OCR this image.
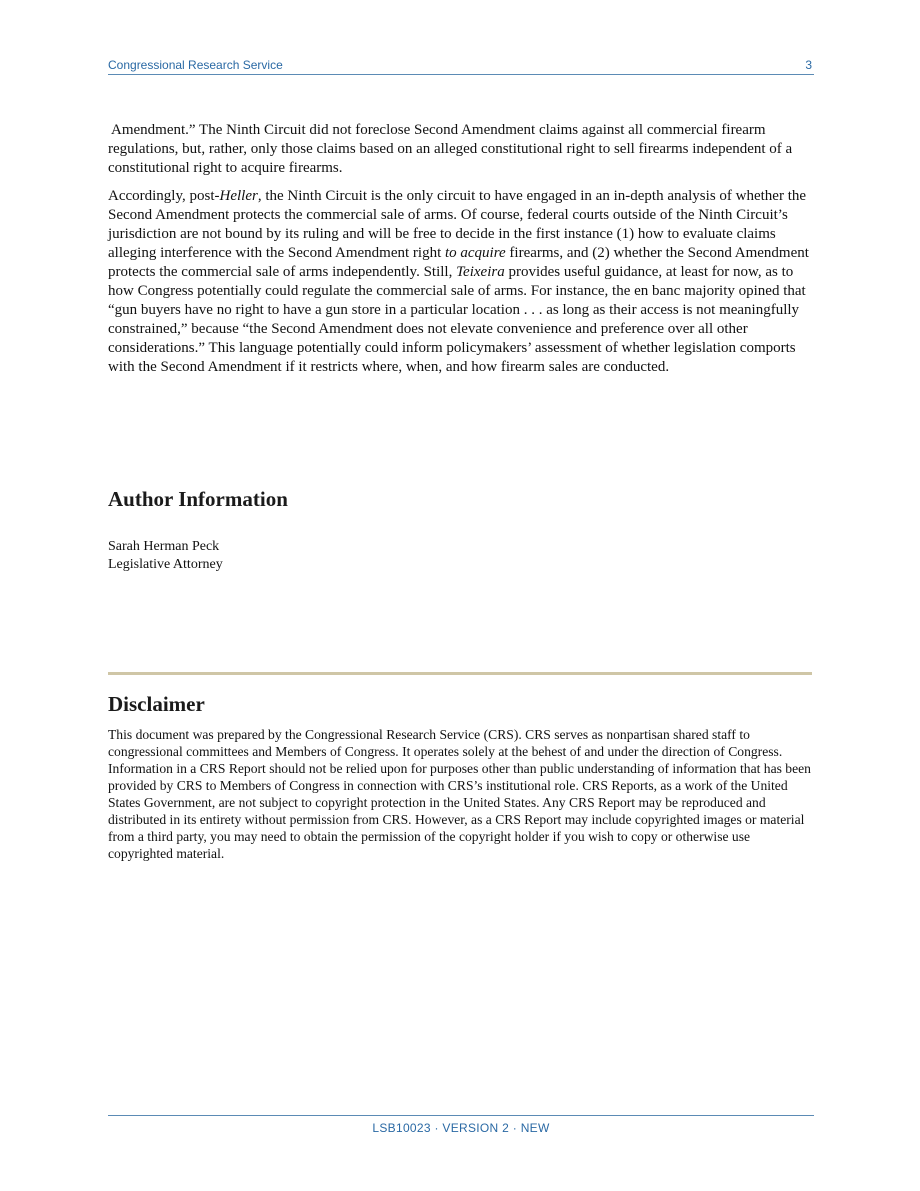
Congressional Research Service	3

Amendment.” The Ninth Circuit did not foreclose Second Amendment claims against all commercial firearm regulations, but, rather, only those claims based on an alleged constitutional right to sell firearms independent of a constitutional right to acquire firearms.

Accordingly, post-Heller, the Ninth Circuit is the only circuit to have engaged in an in-depth analysis of whether the Second Amendment protects the commercial sale of arms. Of course, federal courts outside of the Ninth Circuit’s jurisdiction are not bound by its ruling and will be free to decide in the first instance (1) how to evaluate claims alleging interference with the Second Amendment right to acquire firearms, and (2) whether the Second Amendment protects the commercial sale of arms independently. Still, Teixeira provides useful guidance, at least for now, as to how Congress potentially could regulate the commercial sale of arms. For instance, the en banc majority opined that “gun buyers have no right to have a gun store in a particular location . . . as long as their access is not meaningfully constrained,” because “the Second Amendment does not elevate convenience and preference over all other considerations.” This language potentially could inform policymakers’ assessment of whether legislation comports with the Second Amendment if it restricts where, when, and how firearm sales are conducted.

Author Information
Sarah Herman Peck
Legislative Attorney
Disclaimer
This document was prepared by the Congressional Research Service (CRS). CRS serves as nonpartisan shared staff to congressional committees and Members of Congress. It operates solely at the behest of and under the direction of Congress. Information in a CRS Report should not be relied upon for purposes other than public understanding of information that has been provided by CRS to Members of Congress in connection with CRS’s institutional role. CRS Reports, as a work of the United States Government, are not subject to copyright protection in the United States. Any CRS Report may be reproduced and distributed in its entirety without permission from CRS. However, as a CRS Report may include copyrighted images or material from a third party, you may need to obtain the permission of the copyright holder if you wish to copy or otherwise use copyrighted material.
LSB10023 · VERSION 2 · NEW
